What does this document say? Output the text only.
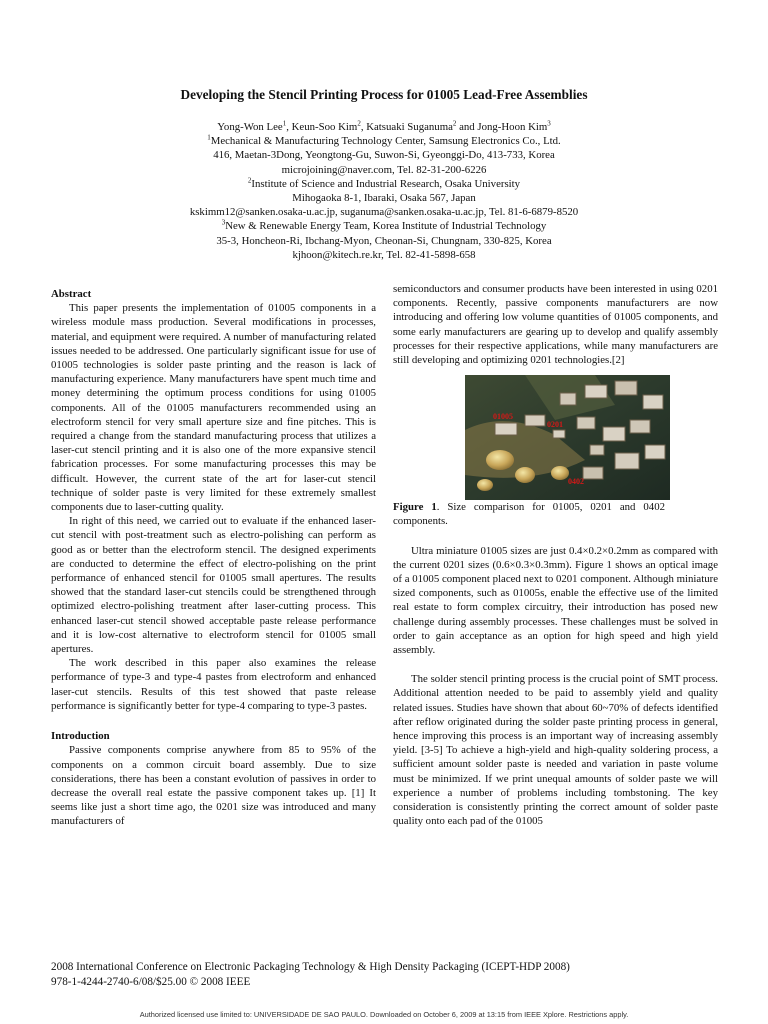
Developing the Stencil Printing Process for 01005 Lead-Free Assemblies
Yong-Won Lee$^1$, Keun-Soo Kim$^2$, Katsuaki Suganuma$^2$ and Jong-Hoon Kim$^3$
$^1$Mechanical & Manufacturing Technology Center, Samsung Electronics Co., Ltd.
416, Maetan-3Dong, Yeongtong-Gu, Suwon-Si, Gyeonggi-Do, 413-733, Korea
microjoining@naver.com, Tel. 82-31-200-6226
$^2$Institute of Science and Industrial Research, Osaka University
Mihogaoka 8-1, Ibaraki, Osaka 567, Japan
kskimm12@sanken.osaka-u.ac.jp, suganuma@sanken.osaka-u.ac.jp, Tel. 81-6-6879-8520
$^3$New & Renewable Energy Team, Korea Institute of Industrial Technology
35-3, Honcheon-Ri, Ibchang-Myon, Cheonan-Si, Chungnam, 330-825, Korea
kjhoon@kitech.re.kr, Tel. 82-41-5898-658

Abstract

This paper presents the implementation of 01005 components in a wireless module mass production. Several modifications in processes, material, and equipment were required. A number of manufacturing related issues needed to be addressed. One particularly significant issue for use of 01005 technologies is solder paste printing and the reason is lack of manufacturing experience. Many manufacturers have spent much time and money determining the optimum process conditions for using 01005 components. All of the 01005 manufacturers recommended using an electroform stencil for very small aperture size and fine pitches. This is required a change from the standard manufacturing process that utilizes a laser-cut stencil printing and it is also one of the more expansive stencil fabrication processes. For some manufacturing processes this may be difficult. However, the current state of the art for laser-cut stencil technique of solder paste is very limited for these extremely smallest components due to laser-cutting quality.

In right of this need, we carried out to evaluate if the enhanced laser-cut stencil with post-treatment such as electro-polishing can perform as good as or better than the electroform stencil. The designed experiments are conducted to determine the effect of electro-polishing on the print performance of enhanced stencil for 01005 small apertures. The results showed that the standard laser-cut stencils could be strengthened through optimized electro-polishing treatment after laser-cutting process. This enhanced laser-cut stencil showed acceptable paste release performance and it is low-cost alternative to electroform stencil for 01005 small apertures.

The work described in this paper also examines the release performance of type-3 and type-4 pastes from electroform and enhanced laser-cut stencils. Results of this test showed that paste release performance is significantly better for type-4 comparing to type-3 pastes.

Introduction

Passive components comprise anywhere from 85 to 95% of the components on a common circuit board assembly. Due to size considerations, there has been a constant evolution of passives in order to decrease the overall real estate the passive component takes up. [1] It seems like just a short time ago, the 0201 size was introduced and many manufacturers of

semiconductors and consumer products have been interested in using 0201 components. Recently, passive components manufacturers are now introducing and offering low volume quantities of 01005 components, and some early manufacturers are gearing up to develop and qualify assembly processes for their respective applications, while many manufacturers are still developing and optimizing 0201 technologies.[2]

01005
0201
0402

Figure 1. Size comparison for 01005, 0201 and 0402 components.

Ultra miniature 01005 sizes are just 0.4×0.2×0.2mm as compared with the current 0201 sizes (0.6×0.3×0.3mm). Figure 1 shows an optical image of a 01005 component placed next to 0201 component. Although miniature sized components, such as 01005s, enable the effective use of the limited real estate to form complex circuitry, their introduction has posed new challenge during assembly processes. These challenges must be solved in order to gain acceptance as an option for high speed and high yield assembly.

The solder stencil printing process is the crucial point of SMT process. Additional attention needed to be paid to assembly yield and quality related issues. Studies have shown that about 60~70% of defects identified after reflow originated during the solder paste printing process in general, hence improving this process is an important way of increasing assembly yield. [3-5] To achieve a high-yield and high-quality soldering process, a sufficient amount solder paste is needed and variation in paste volume must be minimized. If we print unequal amounts of solder paste we will experience a number of problems including tombstoning. The key consideration is consistently printing the correct amount of solder paste quality onto each pad of the 01005

2008 International Conference on Electronic Packaging Technology & High Density Packaging (ICEPT-HDP 2008)
978-1-4244-2740-6/08/$25.00 © 2008 IEEE
Authorized licensed use limited to: UNIVERSIDADE DE SAO PAULO. Downloaded on October 6, 2009 at 13:15 from IEEE Xplore. Restrictions apply.
